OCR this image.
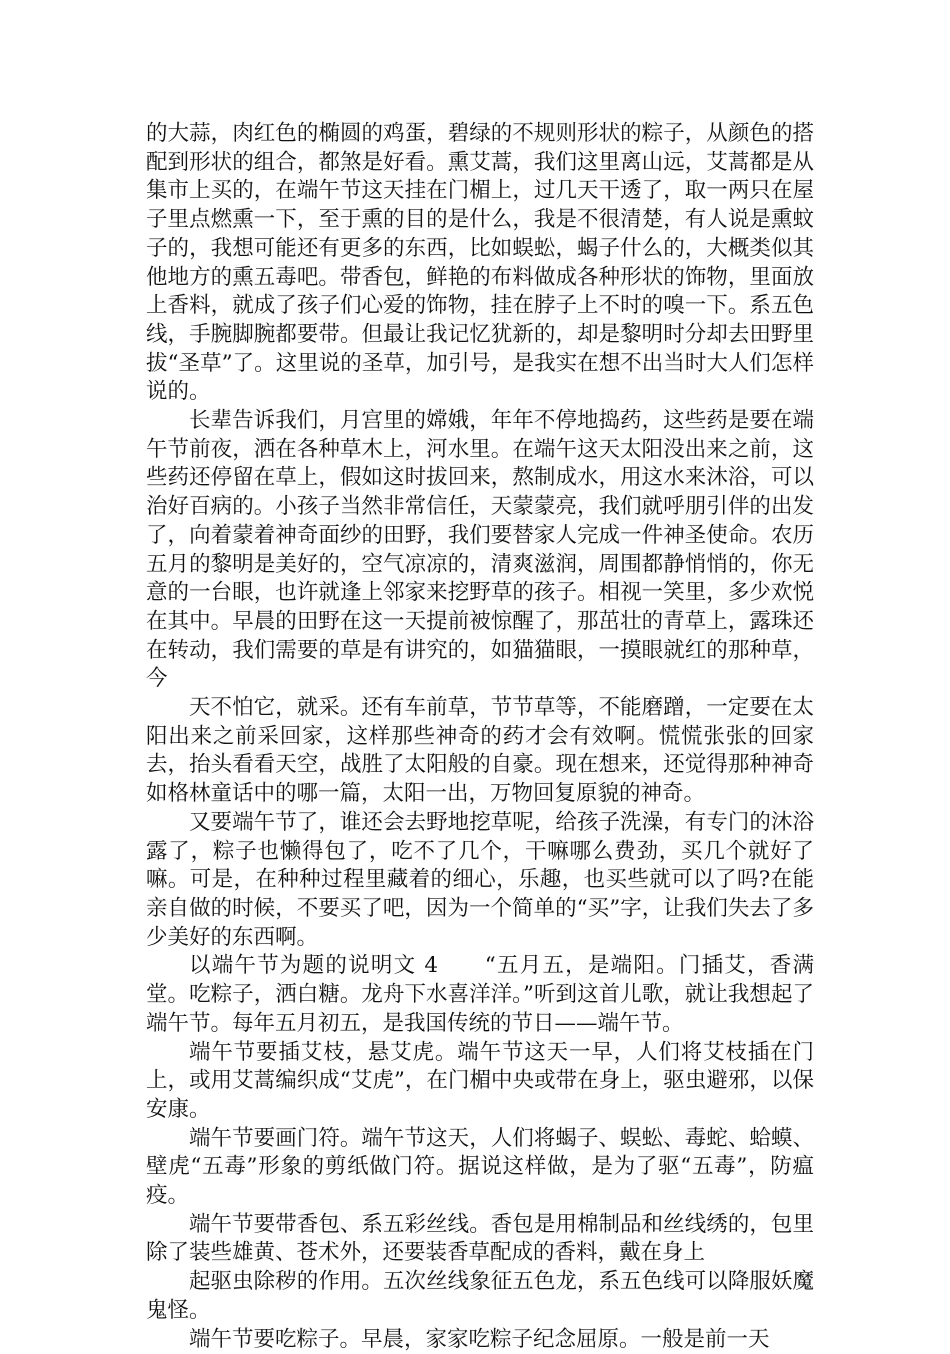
的大蒜，肉红色的椭圆的鸡蛋，碧绿的不规则形状的粽子，从颜色的搭配到形状的组合，都煞是好看。熏艾蒿，我们这里离山远，艾蒿都是从集市上买的，在端午节这天挂在门楣上，过几天干透了，取一两只在屋子里点燃熏一下，至于熏的目的是什么，我是不很清楚，有人说是熏蚊子的，我想可能还有更多的东西，比如蜈蚣，蝎子什么的，大概类似其他地方的熏五毒吧。带香包，鲜艳的布料做成各种形状的饰物，里面放上香料，就成了孩子们心爱的饰物，挂在脖子上不时的嗅一下。系五色线，手腕脚腕都要带。但最让我记忆犹新的，却是黎明时分却去田野里拔“圣草”了。这里说的圣草，加引号，是我实在想不出当时大人们怎样说的。

长辈告诉我们，月宫里的嫦娥，年年不停地捣药，这些药是要在端午节前夜，洒在各种草木上，河水里。在端午这天太阳没出来之前，这些药还停留在草上，假如这时拔回来，熬制成水，用这水来沐浴，可以治好百病的。小孩子当然非常信任，天蒙蒙亮，我们就呼朋引伴的出发了，向着蒙着神奇面纱的田野，我们要替家人完成一件神圣使命。农历五月的黎明是美好的，空气凉凉的，清爽滋润，周围都静悄悄的，你无意的一台眼，也许就逢上邻家来挖野草的孩子。相视一笑里，多少欢悦在其中。早晨的田野在这一天提前被惊醒了，那茁壮的青草上，露珠还在转动，我们需要的草是有讲究的，如猫猫眼，一摸眼就红的那种草，今

天不怕它，就采。还有车前草，节节草等，不能磨蹭，一定要在太阳出来之前采回家，这样那些神奇的药才会有效啊。慌慌张张的回家去，抬头看看天空，战胜了太阳般的自豪。现在想来，还觉得那种神奇如格林童话中的哪一篇，太阳一出，万物回复原貌的神奇。

又要端午节了，谁还会去野地挖草呢，给孩子洗澡，有专门的沐浴露了，粽子也懒得包了，吃不了几个，干嘛哪么费劲，买几个就好了嘛。可是，在种种过程里藏着的细心，乐趣，也买些就可以了吗?在能亲自做的时候，不要买了吧，因为一个简单的“买”字，让我们失去了多少美好的东西啊。

以端午节为题的说明文 4　　“五月五，是端阳。门插艾，香满堂。吃粽子，洒白糖。龙舟下水喜洋洋。”听到这首儿歌，就让我想起了端午节。每年五月初五，是我国传统的节日——端午节。

端午节要插艾枝，悬艾虎。端午节这天一早，人们将艾枝插在门上，或用艾蒿编织成“艾虎”，在门楣中央或带在身上，驱虫避邪，以保安康。

端午节要画门符。端午节这天，人们将蝎子、蜈蚣、毒蛇、蛤蟆、壁虎“五毒”形象的剪纸做门符。据说这样做，是为了驱“五毒”，防瘟疫。

端午节要带香包、系五彩丝线。香包是用棉制品和丝线绣的，包里除了装些雄黄、苍术外，还要装香草配成的香料，戴在身上

起驱虫除秽的作用。五次丝线象征五色龙，系五色线可以降服妖魔鬼怪。

端午节要吃粽子。早晨，家家吃粽子纪念屈原。一般是前一天
